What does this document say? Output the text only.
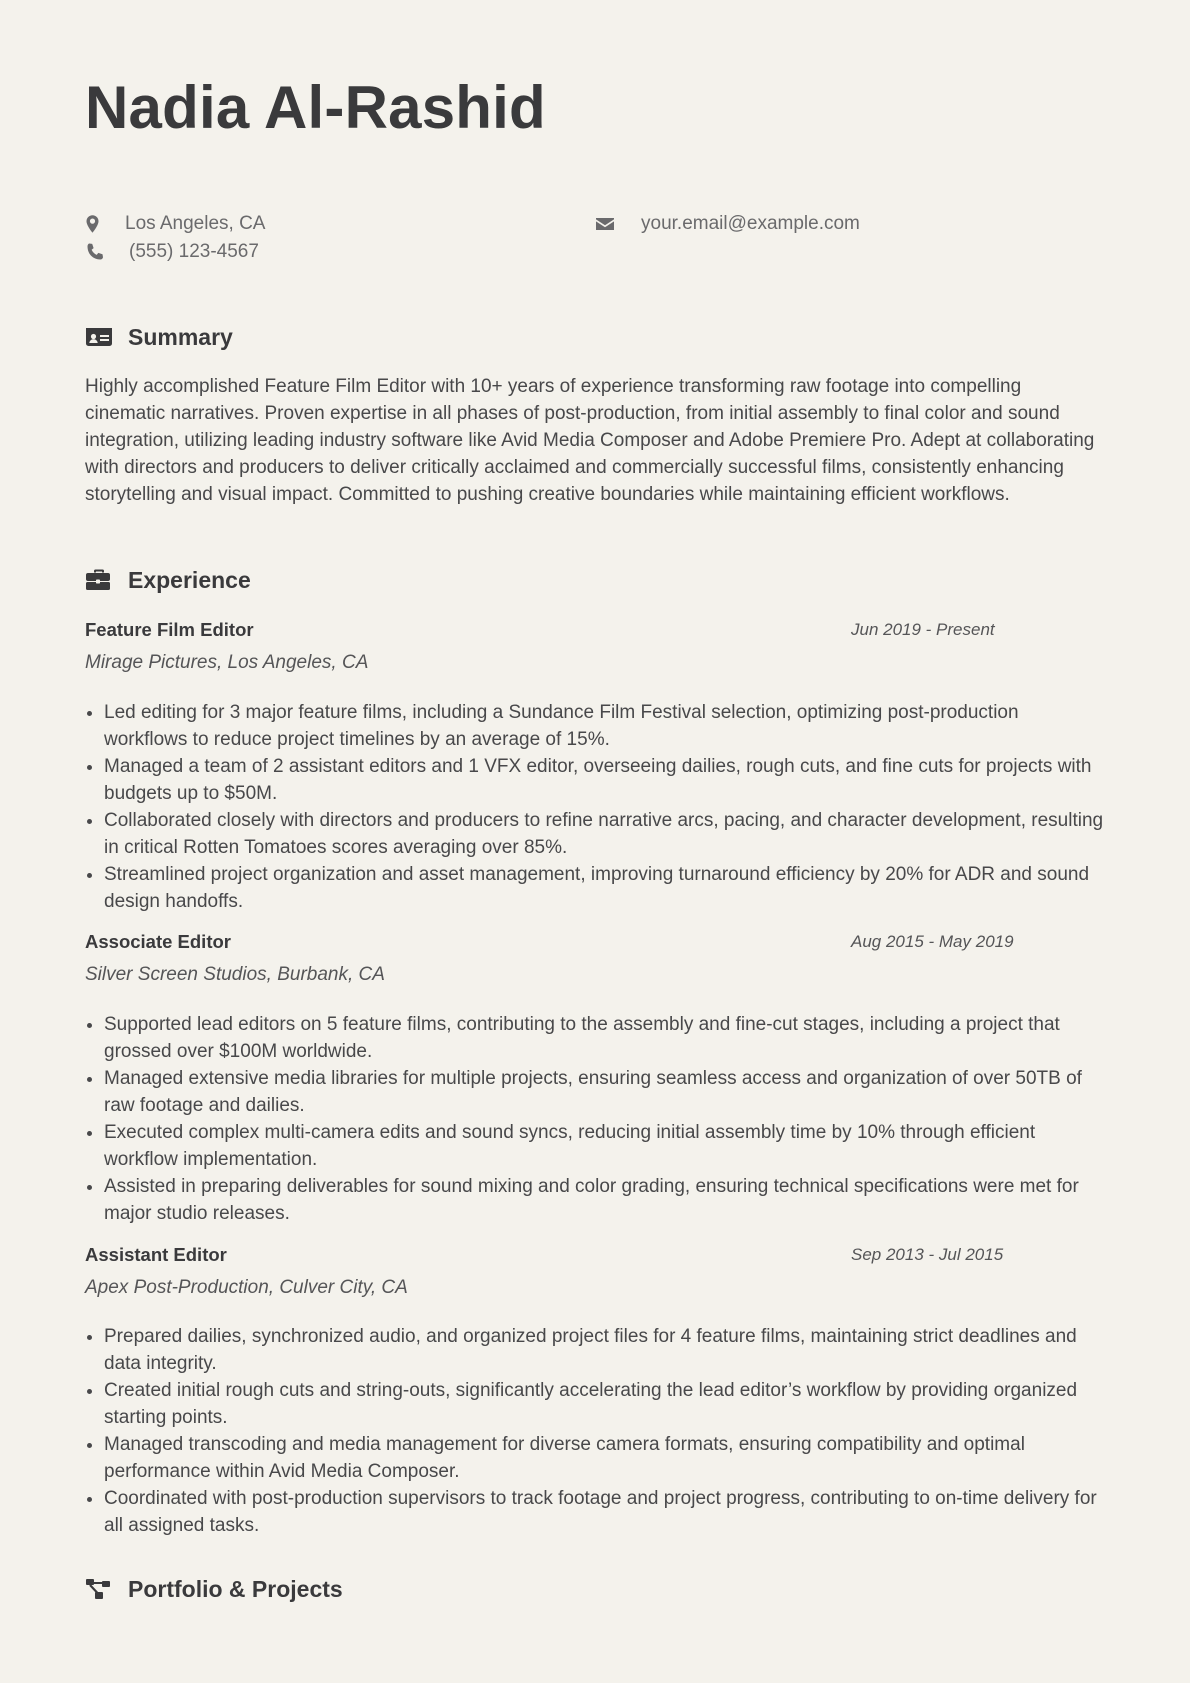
Nadia Al-Rashid
Los Angeles, CA
(555) 123-4567
your.email@example.com
Summary

Highly accomplished Feature Film Editor with 10+ years of experience transforming raw footage into compelling cinematic narratives. Proven expertise in all phases of post-production, from initial assembly to final color and sound integration, utilizing leading industry software like Avid Media Composer and Adobe Premiere Pro. Adept at collaborating with directors and producers to deliver critically acclaimed and commercially successful films, consistently enhancing storytelling and visual impact. Committed to pushing creative boundaries while maintaining efficient workflows.

Experience
Feature Film Editor	Jun 2019 - Present
Mirage Pictures, Los Angeles, CA
Led editing for 3 major feature films, including a Sundance Film Festival selection, optimizing post-production workflows to reduce project timelines by an average of 15%.
Managed a team of 2 assistant editors and 1 VFX editor, overseeing dailies, rough cuts, and fine cuts for projects with budgets up to $50M.
Collaborated closely with directors and producers to refine narrative arcs, pacing, and character development, resulting in critical Rotten Tomatoes scores averaging over 85%.
Streamlined project organization and asset management, improving turnaround efficiency by 20% for ADR and sound design handoffs.
Associate Editor	Aug 2015 - May 2019
Silver Screen Studios, Burbank, CA
Supported lead editors on 5 feature films, contributing to the assembly and fine-cut stages, including a project that grossed over $100M worldwide.
Managed extensive media libraries for multiple projects, ensuring seamless access and organization of over 50TB of raw footage and dailies.
Executed complex multi-camera edits and sound syncs, reducing initial assembly time by 10% through efficient workflow implementation.
Assisted in preparing deliverables for sound mixing and color grading, ensuring technical specifications were met for major studio releases.
Assistant Editor	Sep 2013 - Jul 2015
Apex Post-Production, Culver City, CA
Prepared dailies, synchronized audio, and organized project files for 4 feature films, maintaining strict deadlines and data integrity.
Created initial rough cuts and string-outs, significantly accelerating the lead editor’s workflow by providing organized starting points.
Managed transcoding and media management for diverse camera formats, ensuring compatibility and optimal performance within Avid Media Composer.
Coordinated with post-production supervisors to track footage and project progress, contributing to on-time delivery for all assigned tasks.
Portfolio & Projects
